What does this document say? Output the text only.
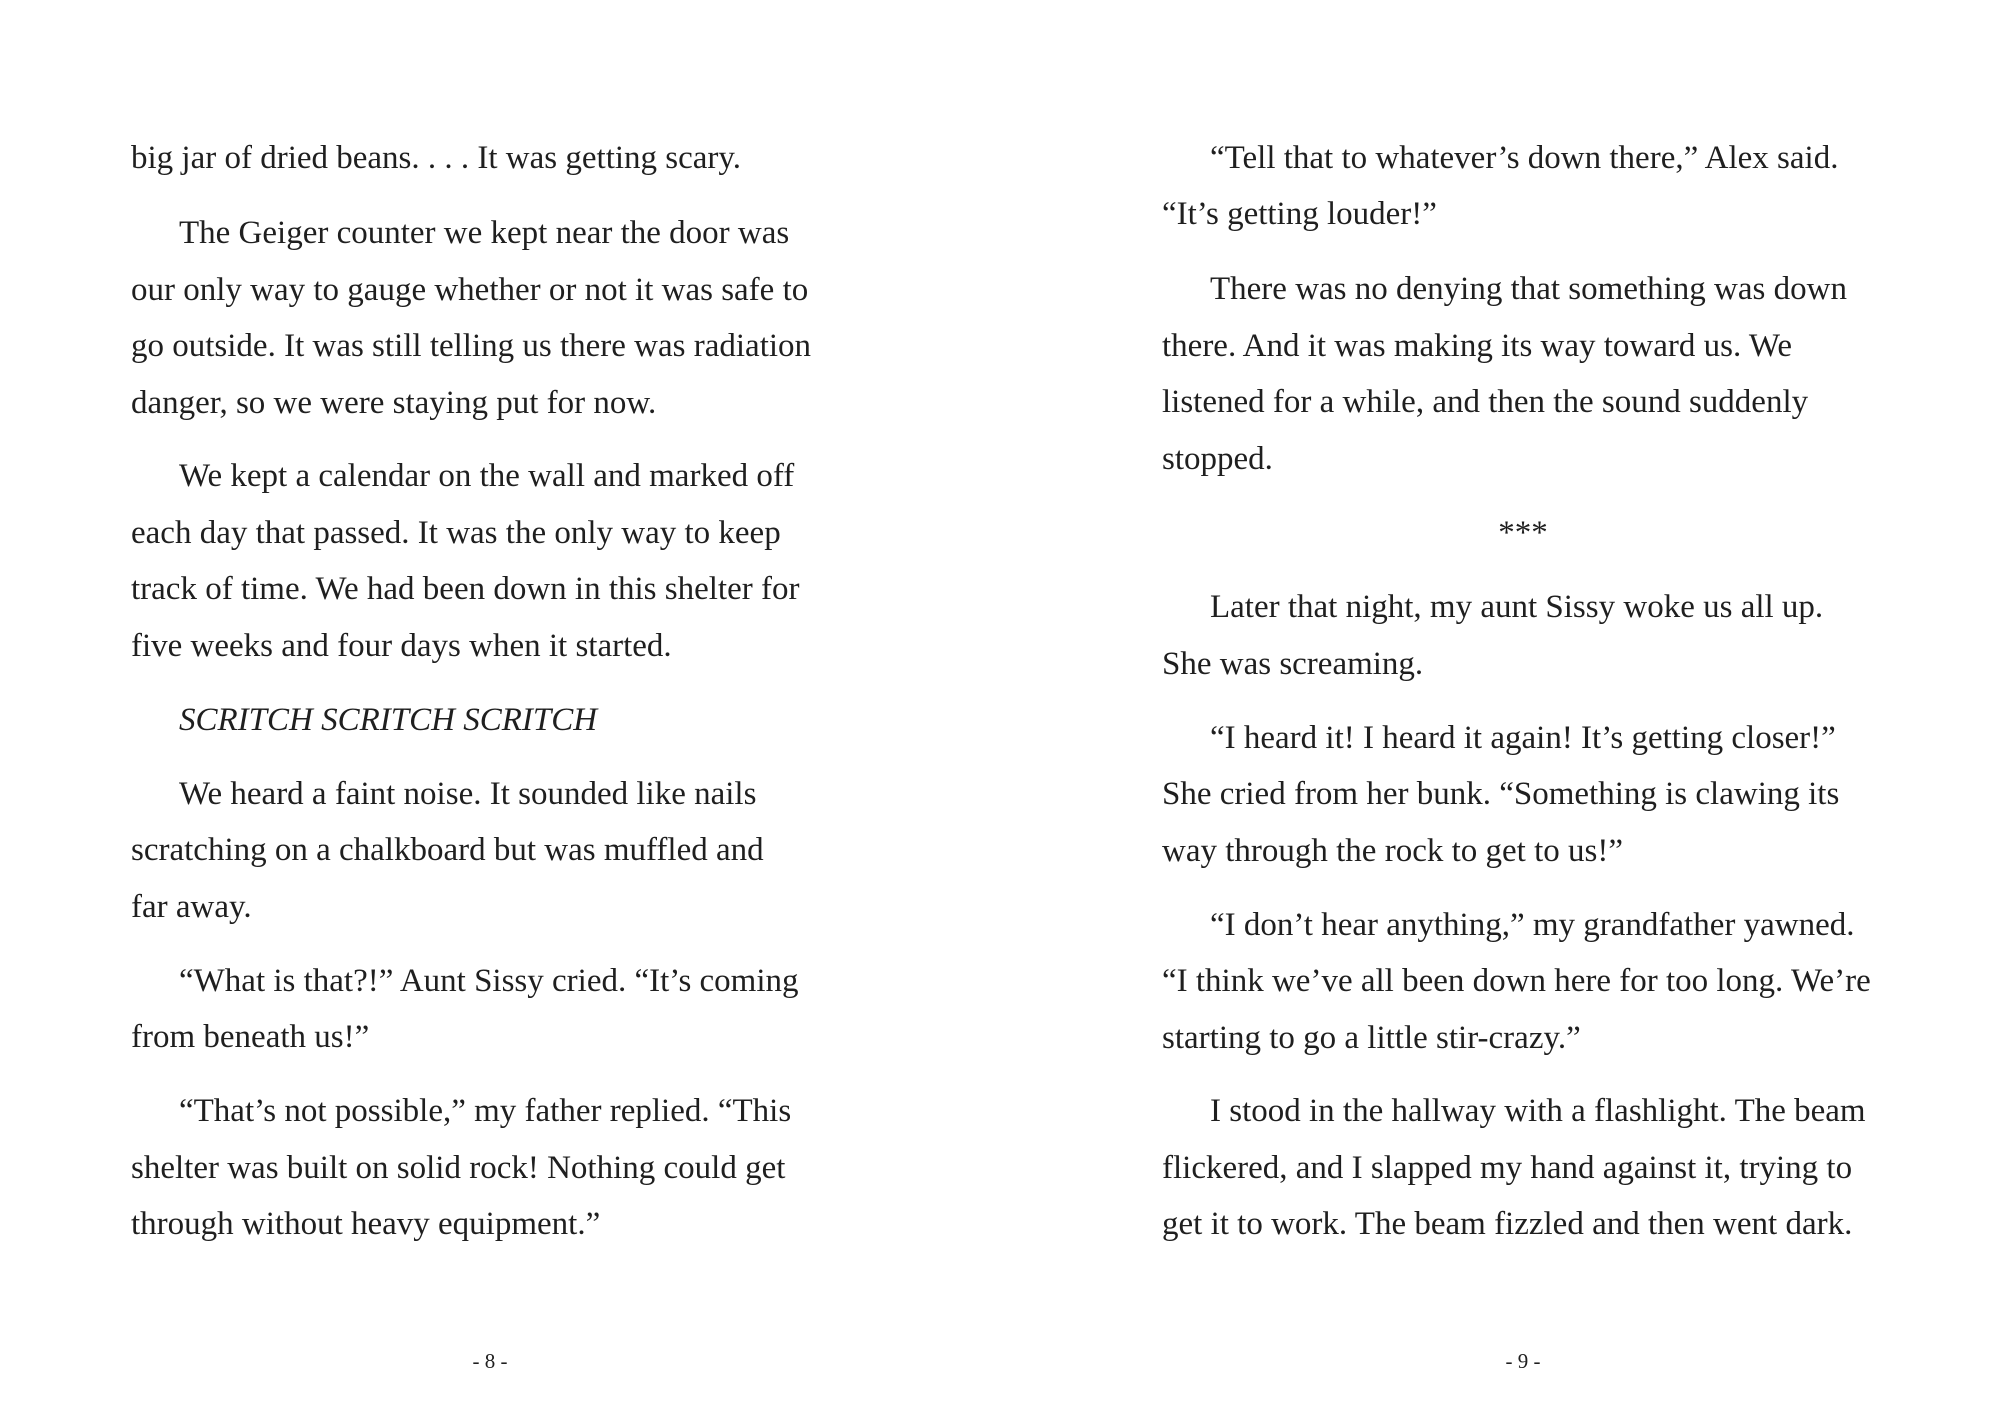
big jar of dried beans. . . . It was getting scary.
The Geiger counter we kept near the door was
our only way to gauge whether or not it was safe to
go outside. It was still telling us there was radiation
danger, so we were staying put for now.
We kept a calendar on the wall and marked off
each day that passed. It was the only way to keep
track of time. We had been down in this shelter for
five weeks and four days when it started.
SCRITCH SCRITCH SCRITCH
We heard a faint noise. It sounded like nails
scratching on a chalkboard but was muffled and
far away.
“What is that?!” Aunt Sissy cried. “It’s coming
from beneath us!”
“That’s not possible,” my father replied. “This
shelter was built on solid rock! Nothing could get
through without heavy equipment.”
- 8 -
“Tell that to whatever’s down there,” Alex said.
“It’s getting louder!”
There was no denying that something was down
there. And it was making its way toward us. We
listened for a while, and then the sound suddenly
stopped.
***
Later that night, my aunt Sissy woke us all up.
She was screaming.
“I heard it! I heard it again! It’s getting closer!”
She cried from her bunk. “Something is clawing its
way through the rock to get to us!”
“I don’t hear anything,” my grandfather yawned.
“I think we’ve all been down here for too long. We’re
starting to go a little stir-crazy.”
I stood in the hallway with a flashlight. The beam
flickered, and I slapped my hand against it, trying to
get it to work. The beam fizzled and then went dark.
- 9 -
